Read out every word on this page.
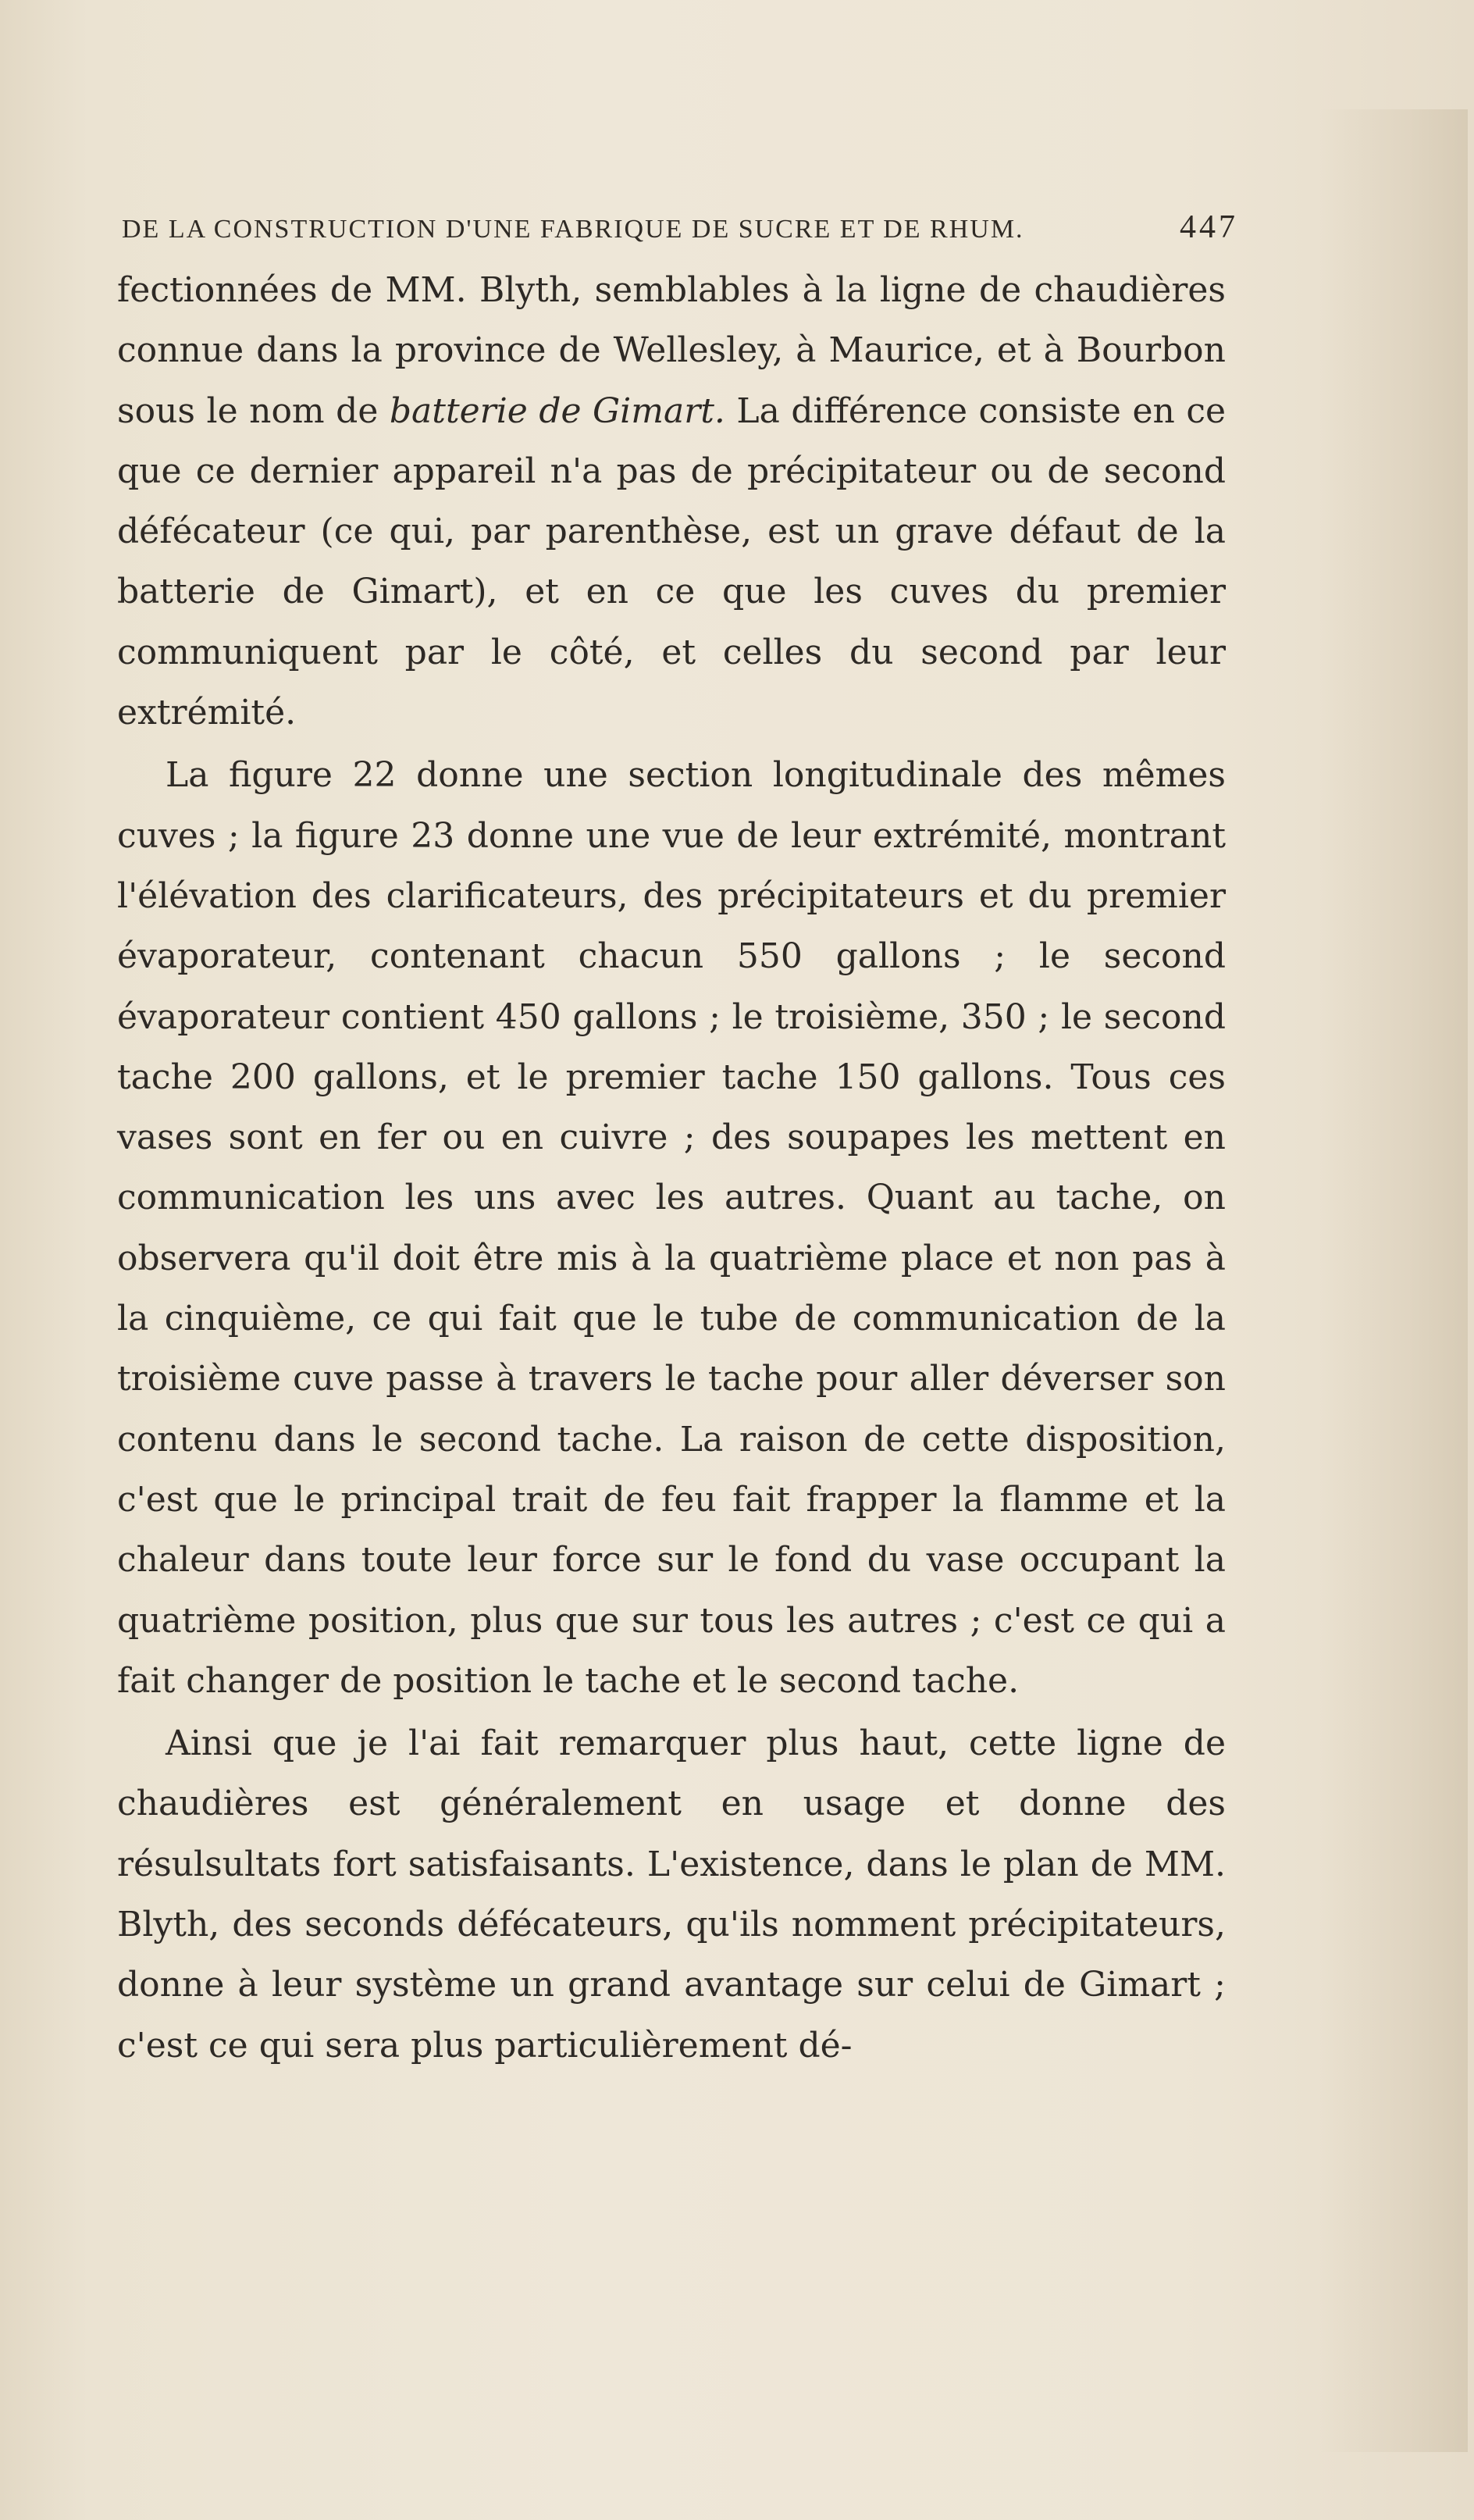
DE LA CONSTRUCTION D'UNE FABRIQUE DE SUCRE ET DE RHUM.	447

fectionnées de MM. Blyth, semblables à la ligne de chaudières connue dans la province de Wellesley, à Maurice, et à Bourbon sous le nom de batterie de Gimart. La différence consiste en ce que ce dernier appareil n'a pas de précipitateur ou de second défécateur (ce qui, par parenthèse, est un grave défaut de la batterie de Gimart), et en ce que les cuves du premier communiquent par le côté, et celles du second par leur extrémité.

La figure 22 donne une section longitudinale des mêmes cuves ; la figure 23 donne une vue de leur extrémité, montrant l'élévation des clarificateurs, des précipitateurs et du premier évaporateur, contenant chacun 550 gallons ; le second évaporateur contient 450 gallons ; le troisième, 350 ; le second tache 200 gallons, et le premier tache 150 gallons. Tous ces vases sont en fer ou en cuivre ; des soupapes les mettent en communication les uns avec les autres. Quant au tache, on observera qu'il doit être mis à la quatrième place et non pas à la cinquième, ce qui fait que le tube de communication de la troisième cuve passe à travers le tache pour aller déverser son contenu dans le second tache. La raison de cette disposition, c'est que le principal trait de feu fait frapper la flamme et la chaleur dans toute leur force sur le fond du vase occupant la quatrième position, plus que sur tous les autres ; c'est ce qui a fait changer de position le tache et le second tache.

Ainsi que je l'ai fait remarquer plus haut, cette ligne de chaudières est généralement en usage et donne des résulsultats fort satisfaisants. L'existence, dans le plan de MM. Blyth, des seconds défécateurs, qu'ils nomment précipitateurs, donne à leur système un grand avantage sur celui de Gimart ; c'est ce qui sera plus particulièrement dé-
